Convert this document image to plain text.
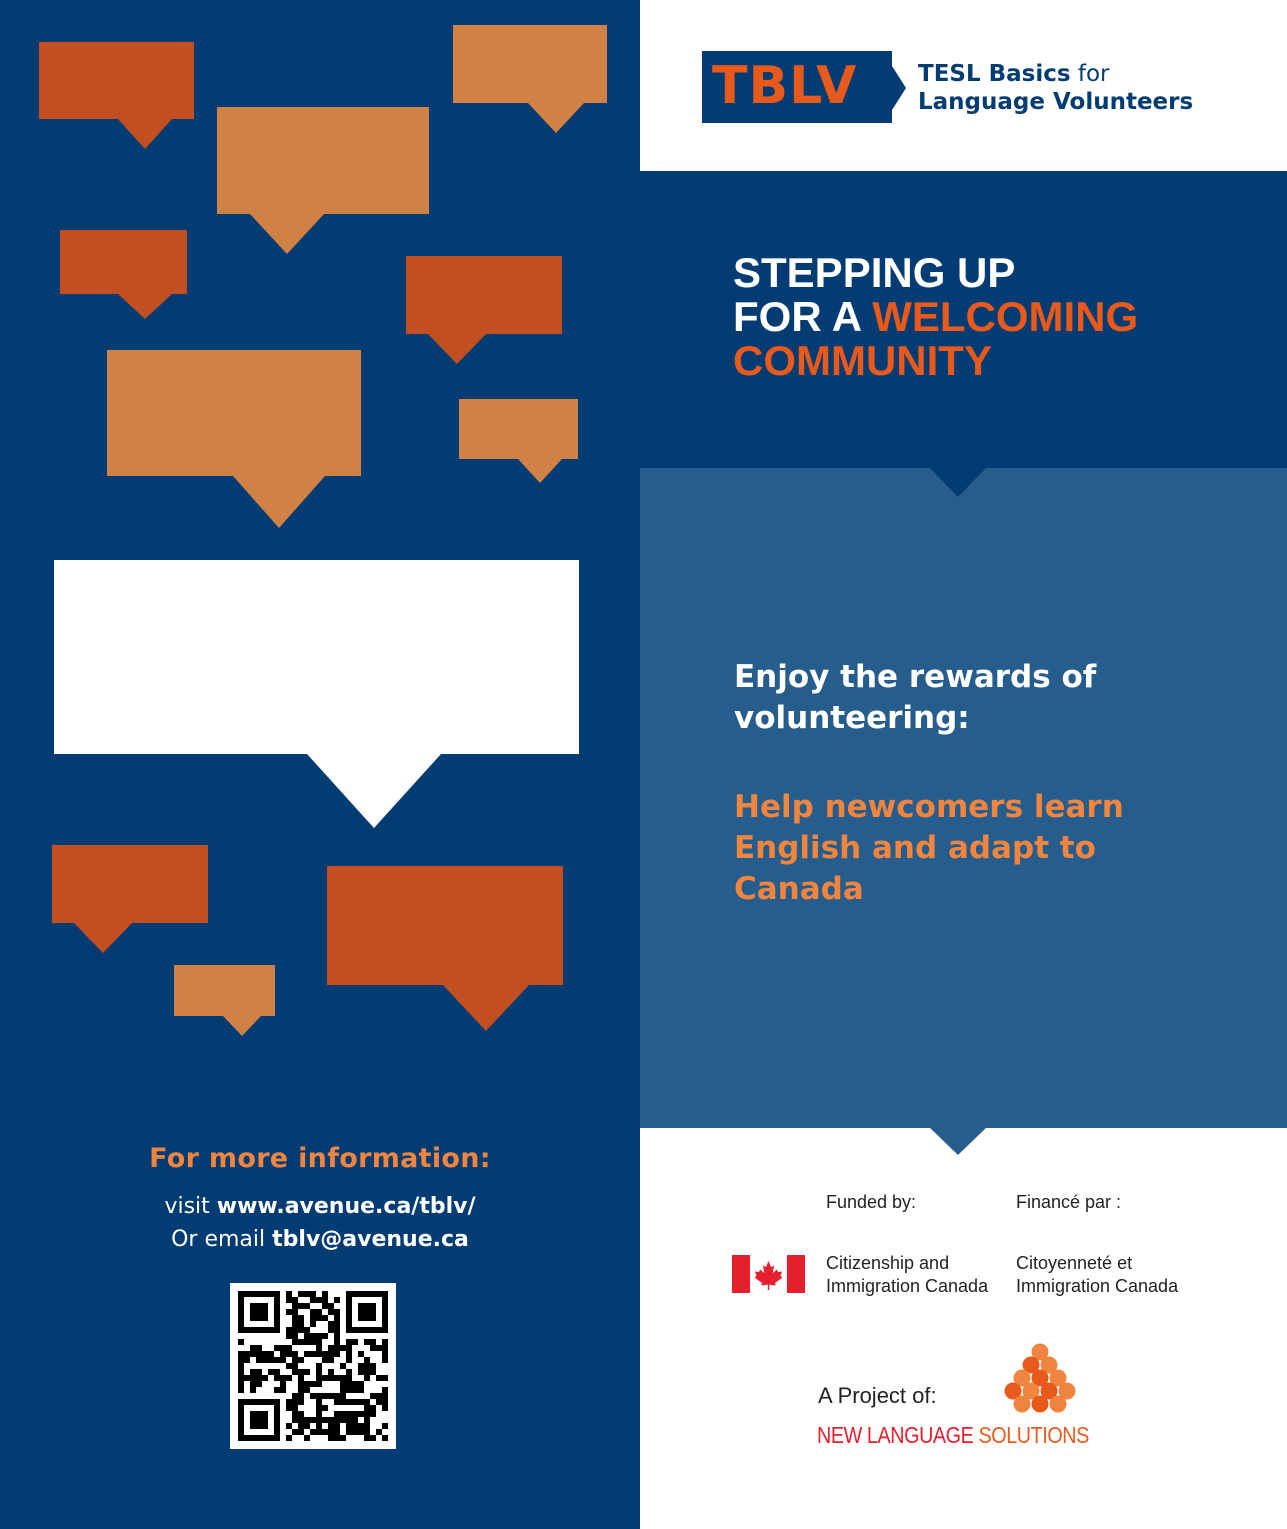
For more information:
visit www.avenue.ca/tblv/
Or email tblv@avenue.ca
TBLV	TESL Basics for
Language Volunteers
STEPPING UP
FOR A WELCOMING
COMMUNITY
Enjoy the rewards of volunteering:
Help newcomers learn English and adapt to Canada
Funded by:	Financé par :
Citizenship and
Immigration Canada
Citoyenneté et
Immigration Canada
A Project of:
NEW LANGUAGE SOLUTIONS
